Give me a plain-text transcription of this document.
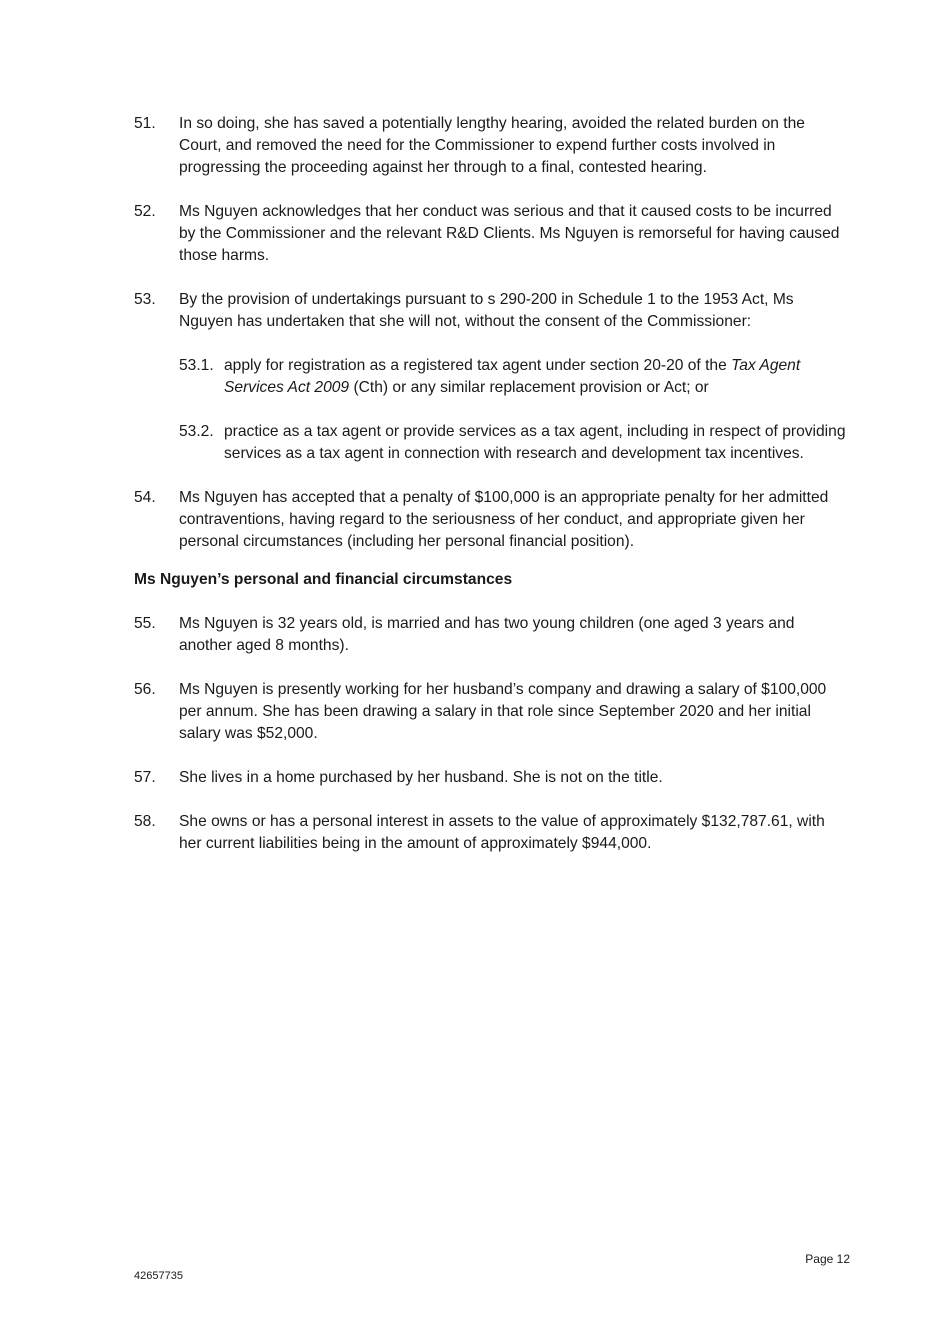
51.	In so doing, she has saved a potentially lengthy hearing, avoided the related burden on the Court, and removed the need for the Commissioner to expend further costs involved in progressing the proceeding against her through to a final, contested hearing.
52.	Ms Nguyen acknowledges that her conduct was serious and that it caused costs to be incurred by the Commissioner and the relevant R&D Clients. Ms Nguyen is remorseful for having caused those harms.
53.	By the provision of undertakings pursuant to s 290-200 in Schedule 1 to the 1953 Act, Ms Nguyen has undertaken that she will not, without the consent of the Commissioner:
53.1. apply for registration as a registered tax agent under section 20-20 of the Tax Agent Services Act 2009 (Cth) or any similar replacement provision or Act; or
53.2. practice as a tax agent or provide services as a tax agent, including in respect of providing services as a tax agent in connection with research and development tax incentives.
54.	Ms Nguyen has accepted that a penalty of $100,000 is an appropriate penalty for her admitted contraventions, having regard to the seriousness of her conduct, and appropriate given her personal circumstances (including her personal financial position).
Ms Nguyen’s personal and financial circumstances
55.	Ms Nguyen is 32 years old, is married and has two young children (one aged 3 years and another aged 8 months).
56.	Ms Nguyen is presently working for her husband’s company and drawing a salary of $100,000 per annum. She has been drawing a salary in that role since September 2020 and her initial salary was $52,000.
57.	She lives in a home purchased by her husband. She is not on the title.
58.	She owns or has a personal interest in assets to the value of approximately $132,787.61, with her current liabilities being in the amount of approximately $944,000.
Page 12
42657735
